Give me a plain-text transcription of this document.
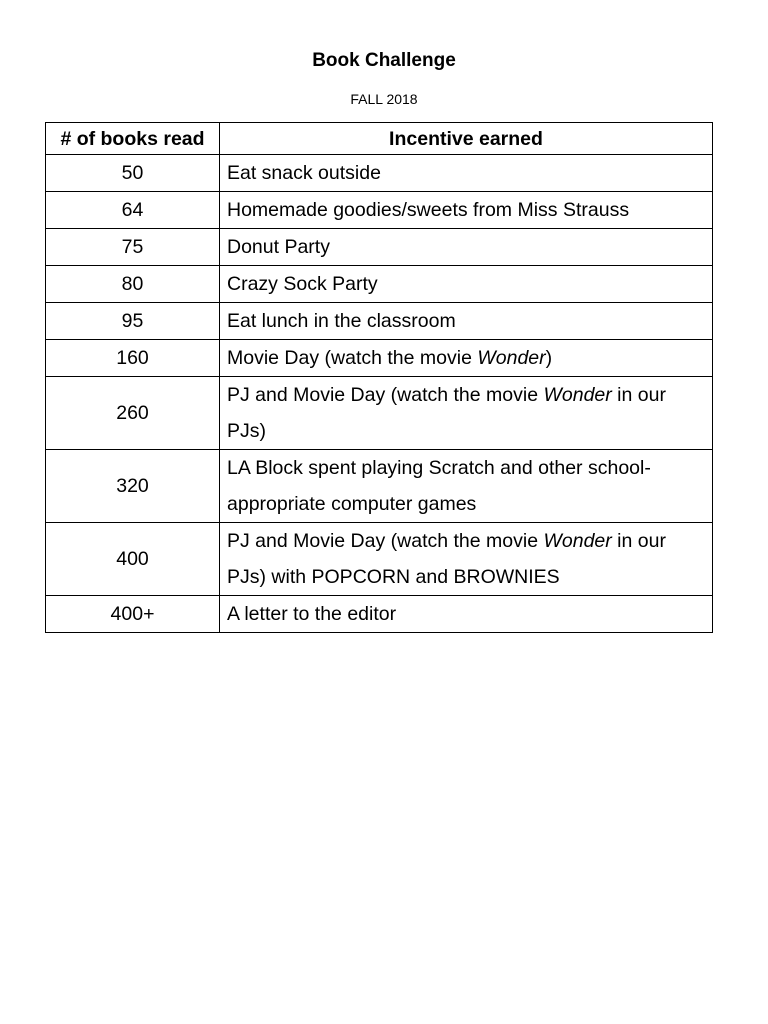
Book Challenge
FALL 2018
# of books read	Incentive earned
50	Eat snack outside
64	Homemade goodies/sweets from Miss Strauss
75	Donut Party
80	Crazy Sock Party
95	Eat lunch in the classroom
160	Movie Day (watch the movie Wonder)
260	PJ and Movie Day (watch the movie Wonder in our PJs)
320	LA Block spent playing Scratch and other school-appropriate computer games
400	PJ and Movie Day (watch the movie Wonder in our PJs) with POPCORN and BROWNIES
400+	A letter to the editor
